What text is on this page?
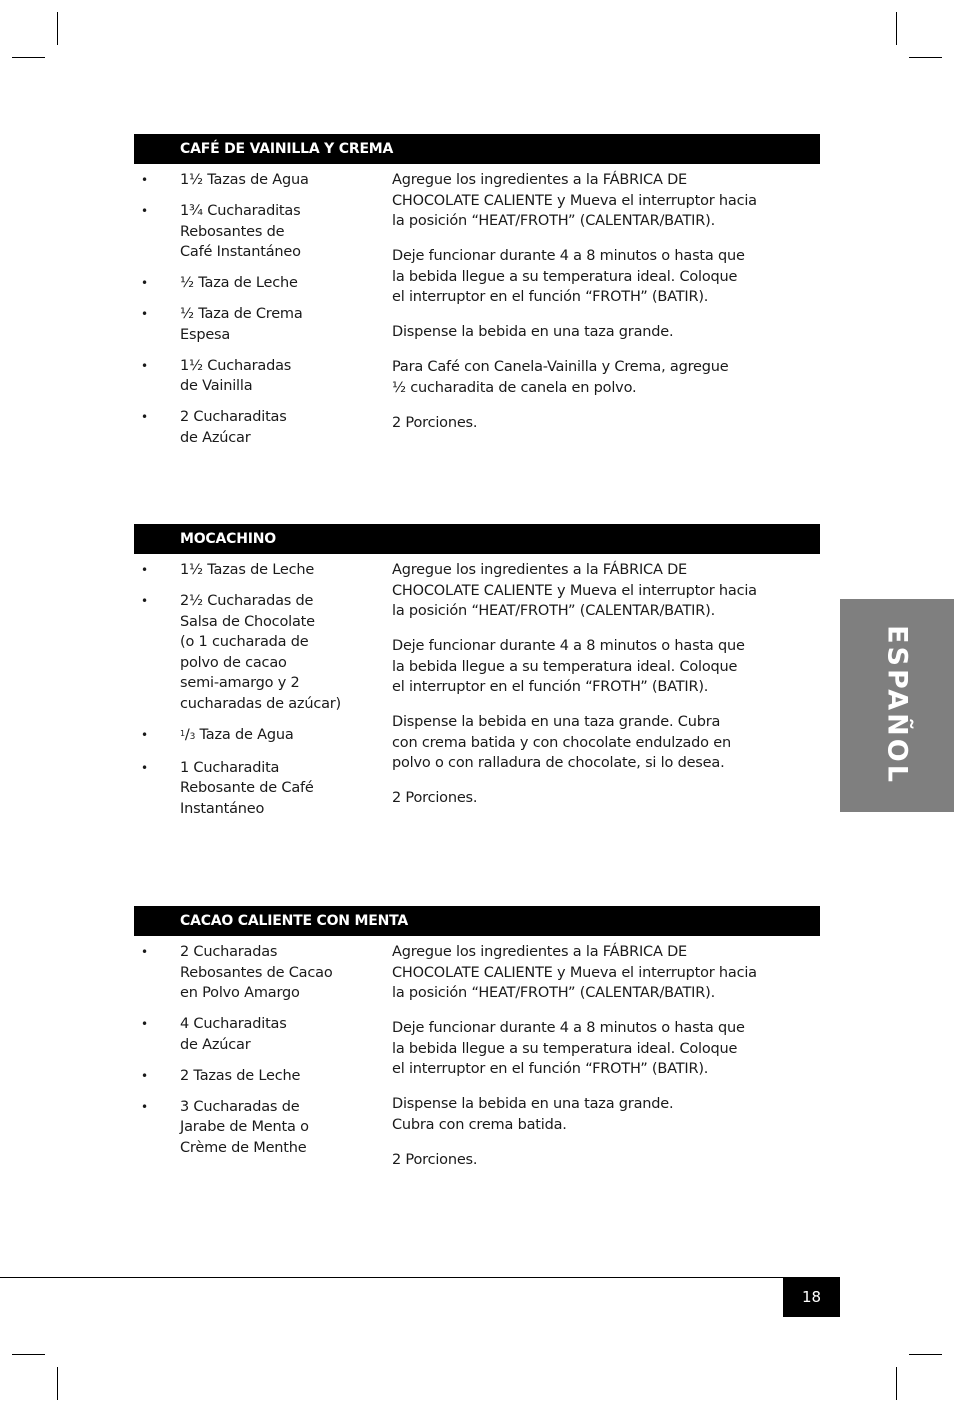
CAFÉ DE VAINILLA Y CREMA
• 1½ Tazas de Agua
• 1¾ Cucharaditas
Rebosantes de
Café Instantáneo
• ½ Taza de Leche
• ½ Taza de Crema
Espesa
• 1½ Cucharadas
de Vainilla
• 2 Cucharaditas
de Azúcar

Agregue los ingredientes a la FÁBRICA DE
CHOCOLATE CALIENTE y Mueva el interruptor hacia
la posición “HEAT/FROTH” (CALENTAR/BATIR).

Deje funcionar durante 4 a 8 minutos o hasta que
la bebida llegue a su temperatura ideal. Coloque
el interruptor en el función “FROTH” (BATIR).

Dispense la bebida en una taza grande.

Para Café con Canela-Vainilla y Crema, agregue
½ cucharadita de canela en polvo.

2 Porciones.

MOCACHINO
• 1½ Tazas de Leche
• 2½ Cucharadas de
Salsa de Chocolate
(o 1 cucharada de
polvo de cacao
semi-amargo y 2
cucharadas de azúcar)
•	$^1$/3 Taza de Agua
• 1 Cucharadita
Rebosante de Café
Instantáneo

Agregue los ingredientes a la FÁBRICA DE
CHOCOLATE CALIENTE y Mueva el interruptor hacia
la posición “HEAT/FROTH” (CALENTAR/BATIR).

Deje funcionar durante 4 a 8 minutos o hasta que
la bebida llegue a su temperatura ideal. Coloque
el interruptor en el función “FROTH” (BATIR).

Dispense la bebida en una taza grande. Cubra
con crema batida y con chocolate endulzado en
polvo o con ralladura de chocolate, si lo desea.

2 Porciones.

CACAO CALIENTE CON MENTA
• 2 Cucharadas
Rebosantes de Cacao
en Polvo Amargo
• 4 Cucharaditas
de Azúcar
• 2 Tazas de Leche
• 3 Cucharadas de
Jarabe de Menta o
Crème de Menthe

Agregue los ingredientes a la FÁBRICA DE
CHOCOLATE CALIENTE y Mueva el interruptor hacia
la posición “HEAT/FROTH” (CALENTAR/BATIR).

Deje funcionar durante 4 a 8 minutos o hasta que
la bebida llegue a su temperatura ideal. Coloque
el interruptor en el función “FROTH” (BATIR).

Dispense la bebida en una taza grande.
Cubra con crema batida.

2 Porciones.

ESPAÑOL
18
